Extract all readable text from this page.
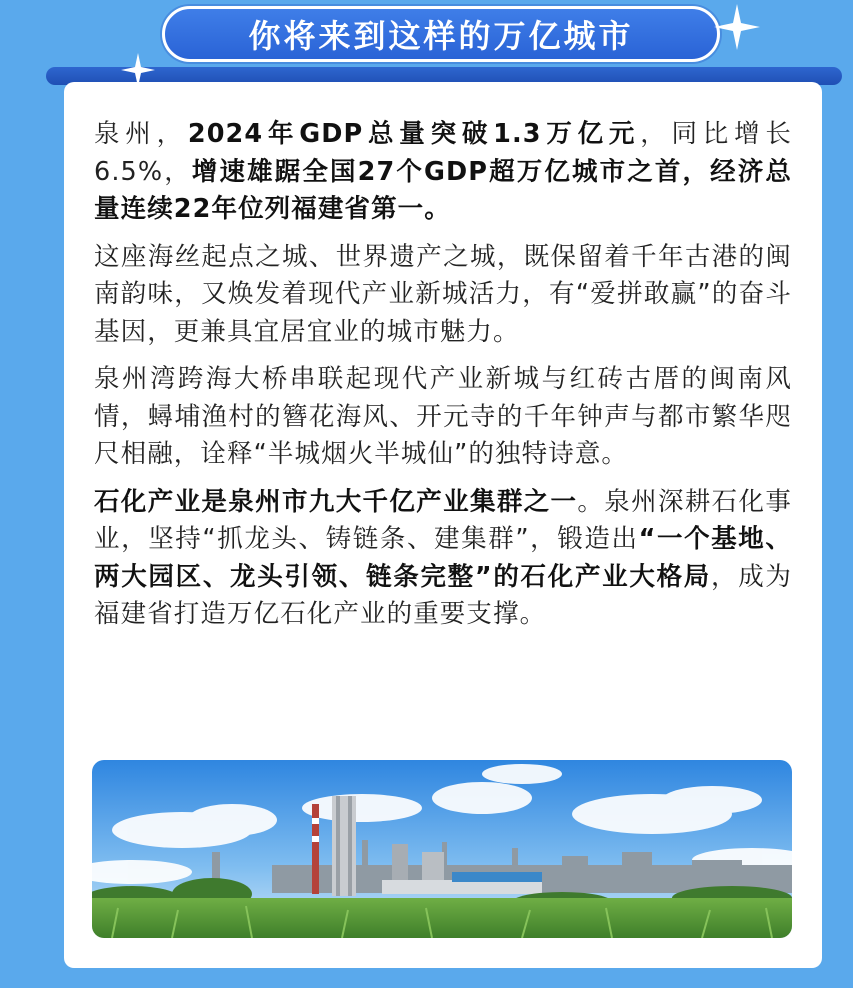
你将来到这样的万亿城市

泉州，2024年GDP总量突破1.3万亿元，同比增长6.5%，增速雄踞全国27个GDP超万亿城市之首，经济总量连续22年位列福建省第一。

这座海丝起点之城、世界遗产之城，既保留着千年古港的闽南韵味，又焕发着现代产业新城活力，有“爱拼敢赢”的奋斗基因，更兼具宜居宜业的城市魅力。

泉州湾跨海大桥串联起现代产业新城与红砖古厝的闽南风情，蟳埔渔村的簪花海风、开元寺的千年钟声与都市繁华咫尺相融，诠释“半城烟火半城仙”的独特诗意。

石化产业是泉州市九大千亿产业集群之一。泉州深耕石化事业，坚持“抓龙头、铸链条、建集群”，锻造出“一个基地、两大园区、龙头引领、链条完整”的石化产业大格局，成为福建省打造万亿石化产业的重要支撑。
